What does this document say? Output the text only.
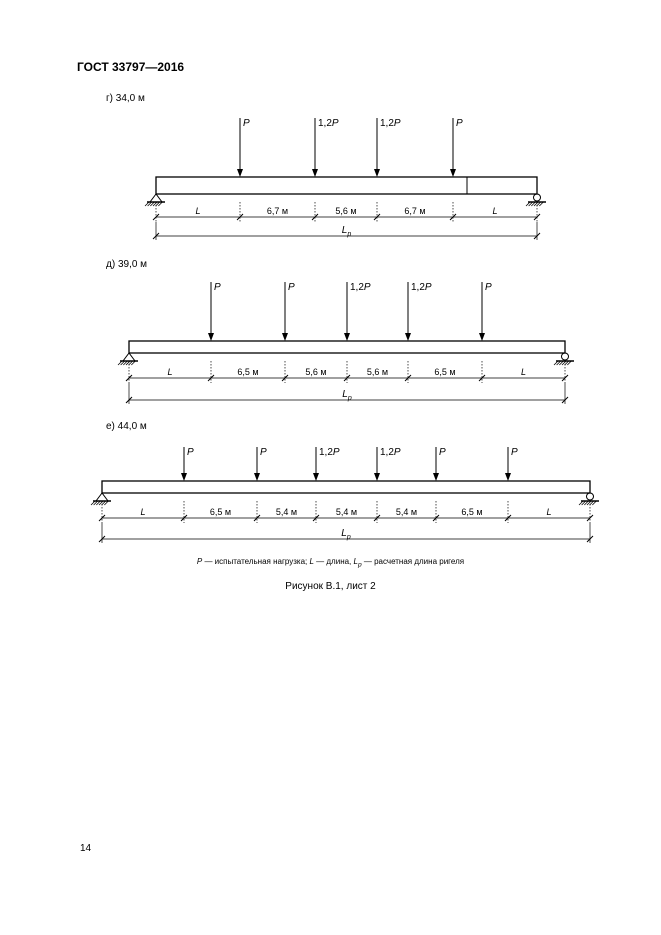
ГОСТ 33797—2016
г) 34,0 м
д) 39,0 м
е) 44,0 м
P	1,2P	1,2P	P
L	6,7 м	5,6 м	6,7 м	L
$L_p$
P	P	1,2P	1,2P	P
L	6,5 м	5,6 м	5,6 м	6,5 м	L
$L_p$
P	P	1,2P	1,2P	P	P
L	6,5 м	5,4 м	5,4 м	5,4 м	6,5 м	L
$L_p$
P — испытательная нагрузка; L — длина, $L_p$ — расчетная длина ригеля
Рисунок В.1, лист 2
14
